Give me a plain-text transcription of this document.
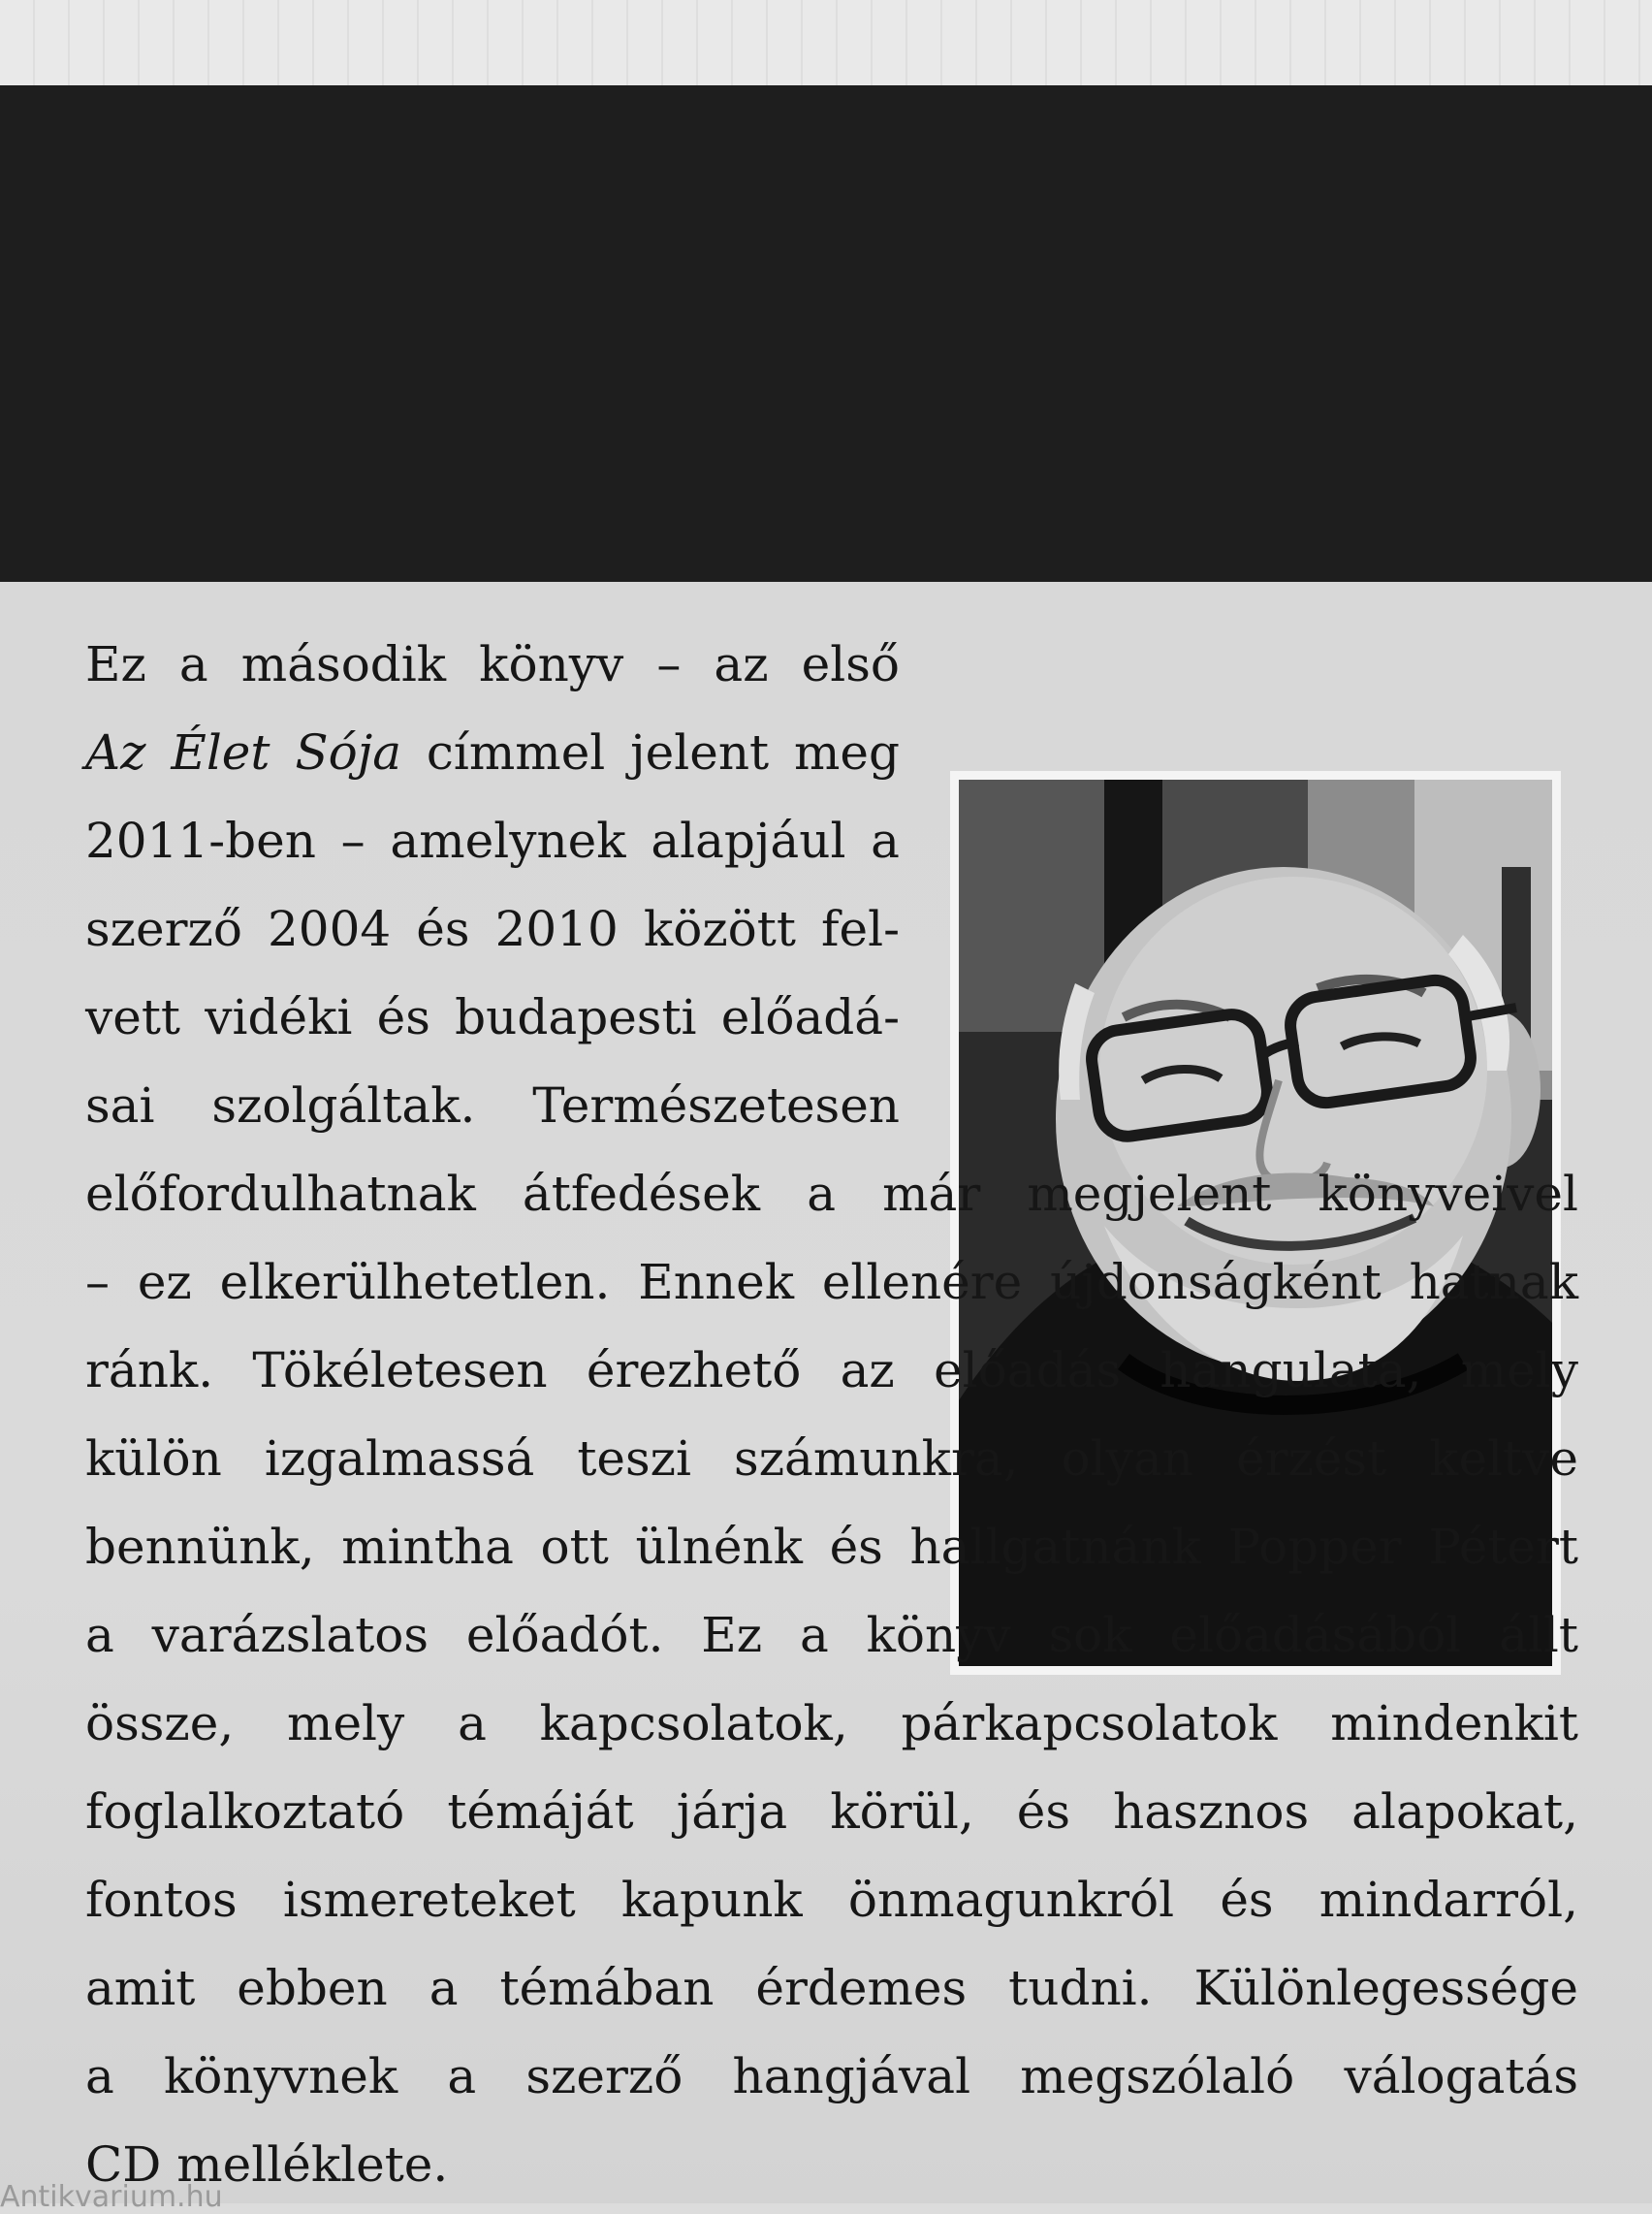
Ez a második könyv – az első
Az Élet Sója címmel jelent meg
2011-ben – amelynek alapjául a
szerző 2004 és 2010 között fel-
vett vidéki és budapesti előadá-
sai szolgáltak. Természetesen
előfordulhatnak átfedések a már megjelent könyveivel
– ez elkerülhetetlen. Ennek ellenére újdonságként hatnak
ránk. Tökéletesen érezhető az előadás hangulata, mely
külön izgalmassá teszi számunkra, olyan érzést keltve
bennünk, mintha ott ülnénk és hallgatnánk Popper Pétert
a varázslatos előadót. Ez a könyv sok előadásából állt
össze, mely a kapcsolatok, párkapcsolatok mindenkit
foglalkoztató témáját járja körül, és hasznos alapokat,
fontos ismereteket kapunk önmagunkról és mindarról,
amit ebben a témában érdemes tudni. Különlegessége
a könyvnek a szerző hangjával megszólaló válogatás
CD melléklete.
Antikvarium.hu
